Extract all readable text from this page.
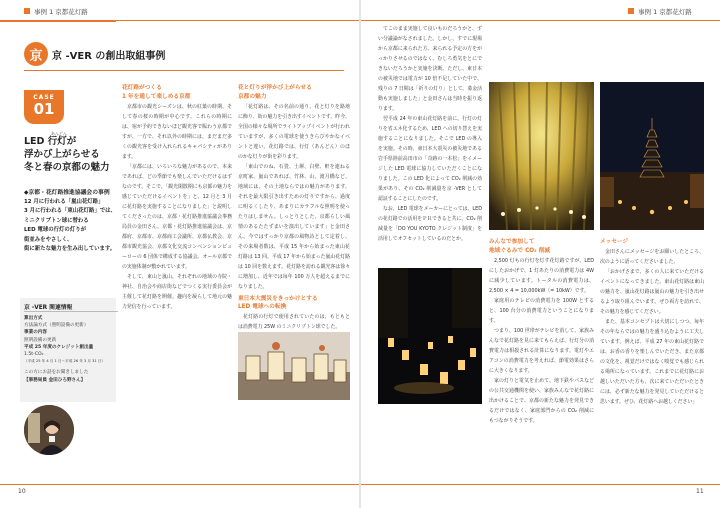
事例 1 京都花灯路	事例 1 京都花灯路
京 京 -VER の創出取組事例
CASE
01
LED 行灯が
浮かび上がらせる
冬と春の京都の魅力
あんどん
◆京都・花灯路推進協議会の事例
12 月に行われる「嵐山花灯路」
3 月に行われる「東山花灯路」では、
ミニクリプトン球に替わる
LED 電球の行灯の灯りが
街並みをやさしく、
街に新たな魅力を生み出しています。
京 -VER 関連情報
算出方式
方法論方式（照明設備の更新）
事業の内容
照明設備の更新
平成 25 年度のクレジット創出量
1.5t-CO₂
（平成 25 年 4 月 1 日〜平成 26 年 3 月 31 日）
この方にお話をお聞きしました
【事務局員 金田ひろ野さん】
花灯路がつくる
1 年を通して楽しめる京都

京都市の観光シーズンは、秋の紅葉の時期、そして春の桜の時期が中心です。これらの時期には、宿が予約できないほど観光客で賑わう京都ですが、一方で、それ以外の時期には、まだまだ多くの観光客を受け入れられるキャパシティがあります。

「京都には、いろいろな魅力があるので、本来であれば、どの季節でも楽しんでいただけるはずなのです。そこで、「観光閑散期にも京都の魅力を感じていただけるイベントを」と、12 月と 3 月に花灯路を実施することになりました」と説明してくださったのは、京都・花灯路推進協議会事務局員の金田さん。京都・花灯路推進協議会は、京都府、京都市、京都商工会議所、京都仏教会、京都市観光協会、京都文化交流コンベンションビューローの 6 団体で構成する協議会。オール京都での実施体制が敷かれています。

そして、東山と嵐山、それぞれの地域の寺院・神社、自治会や商店街などでつくる実行委員会が主催して花灯路を開催。趣向を凝らして地元の魅力発信を行っています。

花と灯りが浮かび上がらせる
京都の魅力

「花灯路は、その名前の通り、花と灯りを路地に飾り、街の魅力を引き出すイベントです。昨今、全国の様々な場所でライトアップイベントが行われていますが、多くの電球を使うきらびやかなイベントと違い、花灯路では、行灯（あんどん）のほのかな灯りが街を彩ります。

「東山でのね、石畳、土塀、白壁、軒を連ねる京町家、嵐山であれば、竹林、山、渡月橋など、地域には、その土地ならではの魅力があります。それを最大限引き出すための灯りですから、過度に明るくしたり、あまりにカラフルな照明を使ったりはしません。しっとりとした、京都らしい風情のあるたたずまいを演出しています」と金田さん。今ではすっかり京都の風物詩として定着し、その来場者数は、平成 15 年から始まった東山花灯路は 13 回、平成 17 年から始まった嵐山花灯路は 10 回を数えます。花灯路を訪れる観光客は徐々に増加し、近年では毎年 100 万人を超えるまでになりました。

東日本大震災をきっかけとする
LED 電球への転換

花灯路の行灯で使用されていたのは、もともとは消費電力 25W のミニクリプトン球でした。

てこのまま実施して良いものだろうかと、ずい分議論がなされました。しかし、すでに現場から京都に来られた方、来られる予定の方をがっかりさせるのではなく、むしろ勇気をとにできないだろうかと実施を決断。ただし、東日本の被災地では電力が 10 倍不足していた中で、残りの 7 日間は「祈りの灯り」として、募金活動も実施しました」と金田さんは当時を振り返ります。

翌平成 24 年の東山花灯路を前に、行灯の灯りを省エネ化するため、LED への切り替えを実施することになりました。そこで LED の導入を実施。その時、東日本大震災の被災地である岩手県陸前高田市の「奇跡の一本松」をイメージした LED 電球に協力していただくことになりました。この LED 化によって CO₂ 削減の効果があり、その CO₂ 削減量を京 -VER として認証することにしたのです。

なお、LED 電球をメーカーにとっては、LED の花灯路での活用をＰＲできると共に、CO₂ 削減量を「DO YOU KYOTO クレジット制度」を活用してオフセットしているのだとか。	みんなで参加して
地域ぐるみで CO₂ 削減

2,500 灯もの行灯を灯す花灯路ですが、LED にしたおかげで、1 灯あたりの消費電力は 4W に減少しています。トータルの消費電力は、2,500 × 4 = 10,000kW（= 10kW）です。

家庭用のテレビの消費電力を 100W とすると、100 台分の消費電力ということになります。

つまり、100 世帯がテレビを消して、家族みんなで花灯路を見に来てもらえば、行灯分の消費電力は相殺される計算になります。電灯やエアコンの消費電力を考えれば、節電効果はさらに大きくなります。

家の灯りと電気を止めて、地下鉄やバスなどの公共交通機関を使い、家族みんなで花灯路に出かけることで、京都の新たな魅力を発見できるだけではなく、家庭部門からの CO₂ 削減にもつながりそうです。

メッセージ

金田さんにメッセージをお願いしたところ、次のように語ってくださいました。

「おかげさまで、多くの人に来ていただけるイベントになってきました。東山花灯路は東山の魅力を、嵐山花灯路は嵐山の魅力を引き出せるよう取り組んでいます。ぜひ両方を訪れて、その魅力を感じてください。

また、基本コンセプトは大切にしつつ、毎年その年ならではの魅力を盛り込むように工夫しています。例えば、平成 27 年の東山花灯路では、お香の香りを楽しんでいただき、また京都の文化を、視覚だけではなく嗅覚でも感じられる場所になっています。これまでに花灯路にお越しいただいた方も、次に来ていただいたときには、必ず新たな魅力を発見していただけると思います。ぜひ、花灯路へお越しください」

10	11
